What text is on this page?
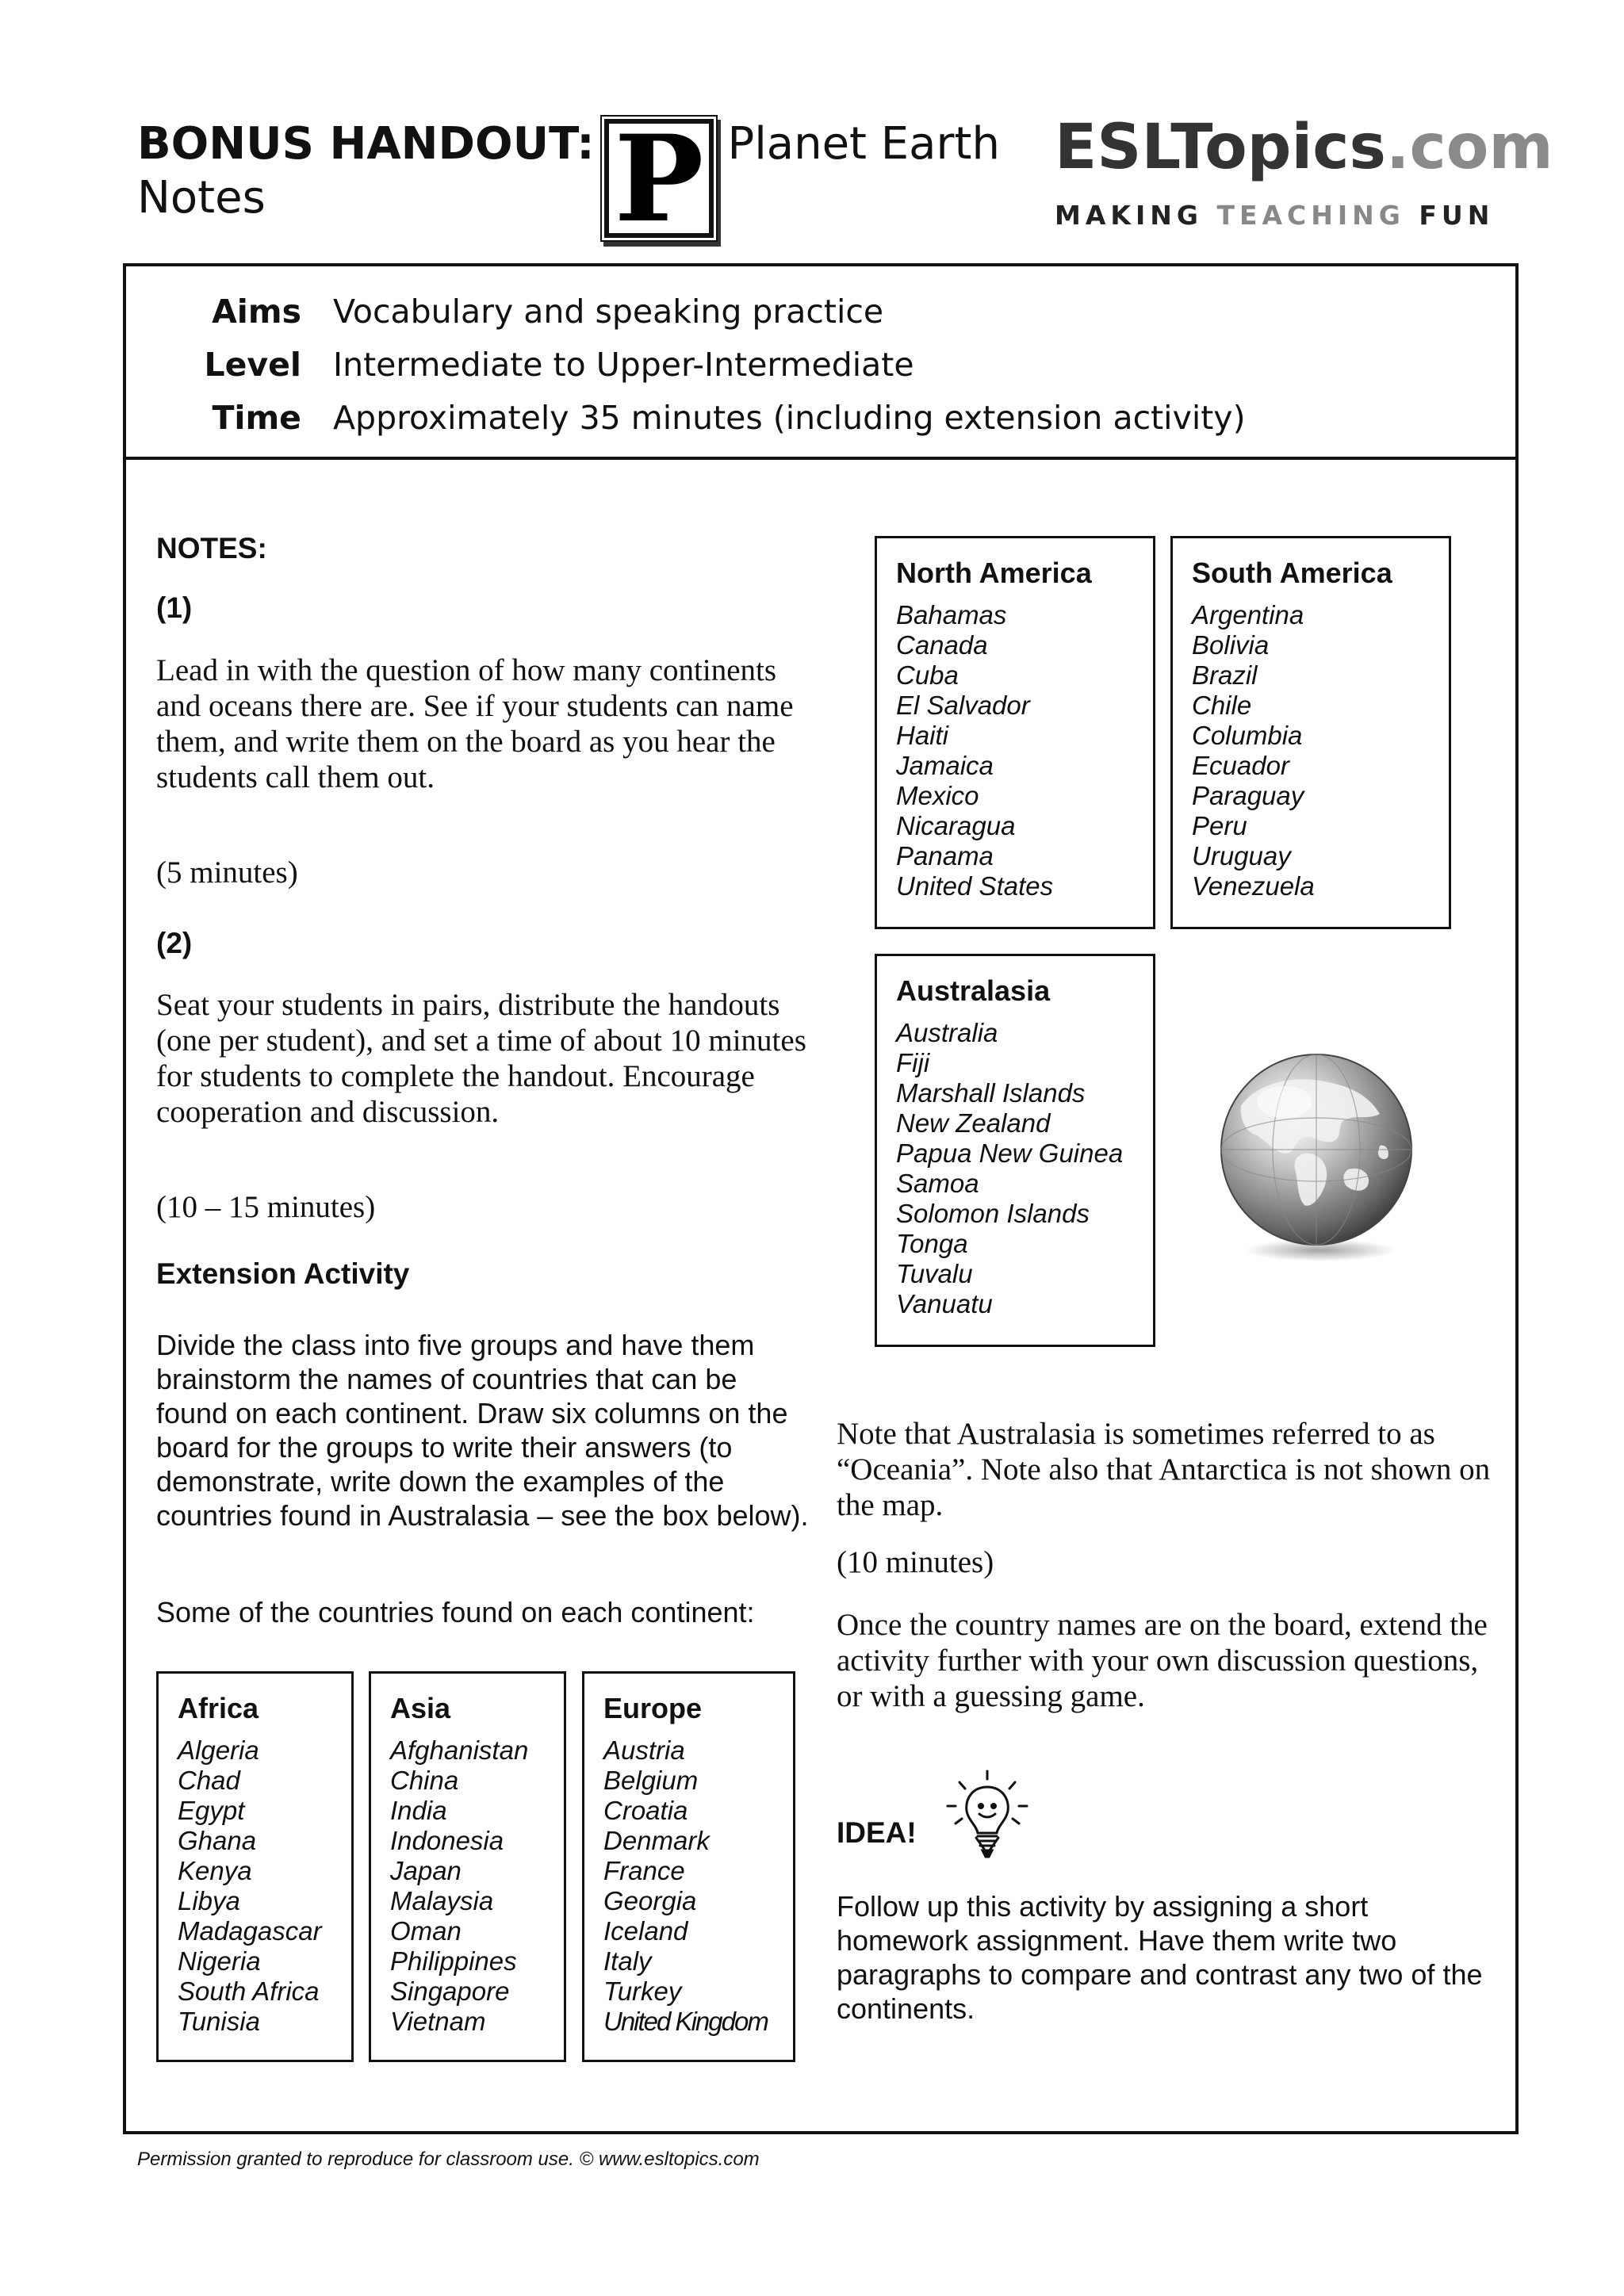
BONUS HANDOUT:	Planet Earth
Notes	P	ESLTopics.com
MAKING TEACHING FUN
Aims Vocabulary and speaking practice
Level Intermediate to Upper-Intermediate
Time Approximately 35 minutes (including extension activity)
NOTES:
(1)
Lead in with the question of how many continents and oceans there are. See if your students can name them, and write them on the board as you hear the students call them out.
(5 minutes)
(2)
Seat your students in pairs, distribute the handouts (one per student), and set a time of about 10 minutes for students to complete the handout. Encourage cooperation and discussion.
(10 – 15 minutes)
Extension Activity
Divide the class into five groups and have them brainstorm the names of countries that can be found on each continent. Draw six columns on the board for the groups to write their answers (to demonstrate, write down the examples of the countries found in Australasia – see the box below).
Some of the countries found on each continent:
Africa
Algeria
Chad
Egypt
Ghana
Kenya
Libya
Madagascar
Nigeria
South Africa
Tunisia
Asia
Afghanistan
China
India
Indonesia
Japan
Malaysia
Oman
Philippines
Singapore
Vietnam
Europe
Austria
Belgium
Croatia
Denmark
France
Georgia
Iceland
Italy
Turkey
United Kingdom
North America
Bahamas
Canada
Cuba
El Salvador
Haiti
Jamaica
Mexico
Nicaragua
Panama
United States
South America
Argentina
Bolivia
Brazil
Chile
Columbia
Ecuador
Paraguay
Peru
Uruguay
Venezuela
Australasia
Australia
Fiji
Marshall Islands
New Zealand
Papua New Guinea
Samoa
Solomon Islands
Tonga
Tuvalu
Vanuatu
Note that Australasia is sometimes referred to as “Oceania”. Note also that Antarctica is not shown on the map.
(10 minutes)
Once the country names are on the board, extend the activity further with your own discussion questions, or with a guessing game.
IDEA!
Follow up this activity by assigning a short homework assignment. Have them write two paragraphs to compare and contrast any two of the continents.
Permission granted to reproduce for classroom use. © www.esltopics.com
